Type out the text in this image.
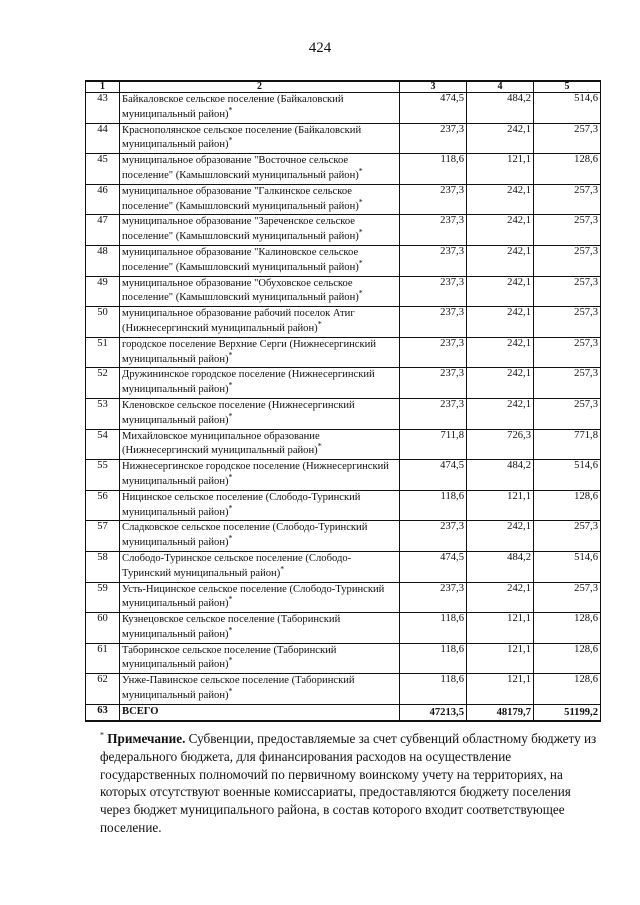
424
1	2	3	4	5
43	Байкаловское сельское поселение (Байкаловский муниципальный район)*	474,5	484,2	514,6
44	Краснополянское сельское поселение (Байкаловский муниципальный район)*	237,3	242,1	257,3
45	муниципальное образование "Восточное сельское поселение" (Камышловский муниципальный район)*	118,6	121,1	128,6
46	муниципальное образование "Галкинское сельское поселение" (Камышловский муниципальный район)*	237,3	242,1	257,3
47	муниципальное образование "Зареченское сельское поселение" (Камышловский муниципальный район)*	237,3	242,1	257,3
48	муниципальное образование "Калиновское сельское поселение" (Камышловский муниципальный район)*	237,3	242,1	257,3
49	муниципальное образование "Обуховское сельское поселение" (Камышловский муниципальный район)*	237,3	242,1	257,3
50	муниципальное образование рабочий поселок Атиг (Нижнесергинский муниципальный район)*	237,3	242,1	257,3
51	городское поселение Верхние Серги (Нижнесергинский муниципальный район)*	237,3	242,1	257,3
52	Дружининское городское поселение (Нижнесергинский муниципальный район)*	237,3	242,1	257,3
53	Кленовское сельское поселение (Нижнесергинский муниципальный район)*	237,3	242,1	257,3
54	Михайловское муниципальное образование (Нижнесергинский муниципальный район)*	711,8	726,3	771,8
55	Нижнесергинское городское поселение (Нижнесергинский муниципальный район)*	474,5	484,2	514,6
56	Ницинское сельское поселение (Слободо-Туринский муниципальный район)*	118,6	121,1	128,6
57	Сладковское сельское поселение (Слободо-Туринский муниципальный район)*	237,3	242,1	257,3
58	Слободо-Туринское сельское поселение (Слободо-Туринский муниципальный район)*	474,5	484,2	514,6
59	Усть-Ницинское сельское поселение (Слободо-Туринский муниципальный район)*	237,3	242,1	257,3
60	Кузнецовское сельское поселение (Таборинский муниципальный район)*	118,6	121,1	128,6
61	Таборинское сельское поселение (Таборинский муниципальный район)*	118,6	121,1	128,6
62	Унже-Павинское сельское поселение (Таборинский муниципальный район)*	118,6	121,1	128,6
63	ВСЕГО	47213,5	48179,7	51199,2
* Примечание. Субвенции, предоставляемые за счет субвенций областному бюджету из федерального бюджета, для финансирования расходов на осуществление государственных полномочий по первичному воинскому учету на территориях, на которых отсутствуют военные комиссариаты, предоставляются бюджету поселения через бюджет муниципального района, в состав которого входит соответствующее поселение.
